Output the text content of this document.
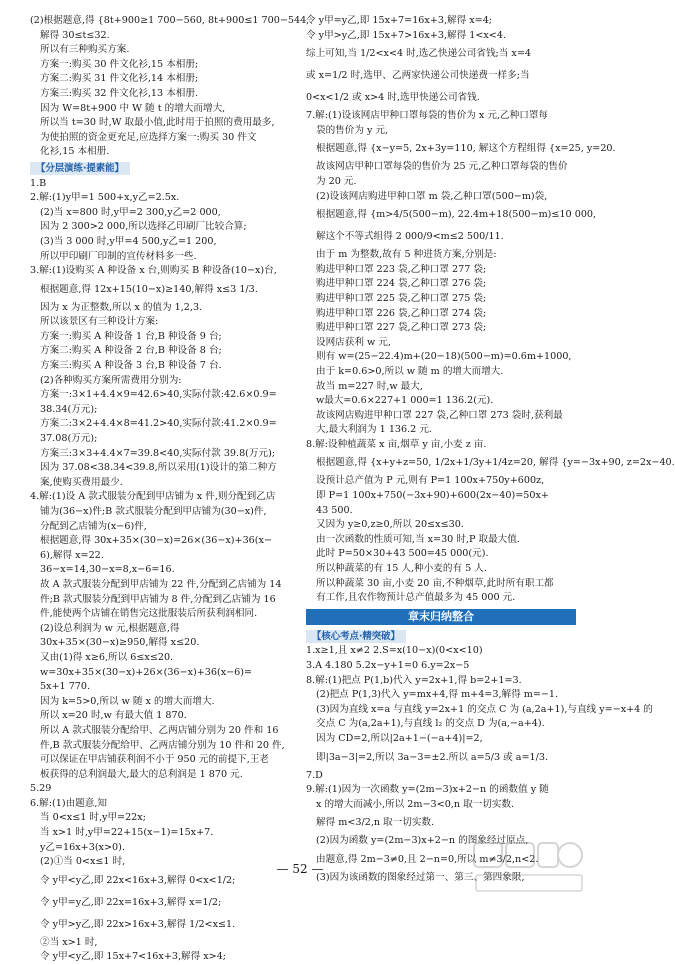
(2)根据题意,得 {8t+900≥1 700−560, 8t+900≤1 700−544,
解得 30≤t≤32.
所以有三种购买方案.
方案一:购买 30 件文化衫,15 本相册;
方案二:购买 31 件文化衫,14 本相册;
方案三:购买 32 件文化衫,13 本相册.
因为 W=8t+900 中 W 随 t 的增大而增大,
所以当 t=30 时,W 取最小值,此时用于拍照的费用最多,
为使拍照的资金更充足,应选择方案一:购买 30 件文
化衫,15 本相册.
【分层演练·提素能】
1.B
2.解:(1)y甲=1 500+x,y乙=2.5x.
(2)当 x=800 时,y甲=2 300,y乙=2 000,
因为 2 300>2 000,所以选择乙印刷厂比较合算;
(3)当 3 000 时,y甲=4 500,y乙=1 200,
所以甲印刷厂印制的宣传材料多一些.
3.解:(1)设购买 A 种设备 x 台,则购买 B 种设备(10−x)台,
根据题意,得 12x+15(10−x)≥140,解得 x≤3 1/3.
因为 x 为正整数,所以 x 的值为 1,2,3.
所以该景区有三种设计方案:
方案一:购买 A 种设备 1 台,B 种设备 9 台;
方案二:购买 A 种设备 2 台,B 种设备 8 台;
方案三:购买 A 种设备 3 台,B 种设备 7 台.
(2)各种购买方案所需费用分别为:
方案一:3×1+4.4×9=42.6>40,实际付款:42.6×0.9=
38.34(万元);
方案二:3×2+4.4×8=41.2>40,实际付款:41.2×0.9=
37.08(万元);
方案三:3×3+4.4×7=39.8<40,实际付款 39.8(万元);
因为 37.08<38.34<39.8,所以采用(1)设计的第二种方
案,使购买费用最少.
4.解:(1)设 A 款式服装分配到甲店铺为 x 件,则分配到乙店
铺为(36−x)件;B 款式服装分配到甲店铺为(30−x)件,
分配到乙店铺为(x−6)件,
根据题意,得 30x+35×(30−x)=26×(36−x)+36(x−
6),解得 x=22.
36−x=14,30−x=8,x−6=16.
故 A 款式服装分配到甲店铺为 22 件,分配到乙店铺为 14
件;B 款式服装分配到甲店铺为 8 件,分配到乙店铺为 16
件,能使两个店铺在销售完这批服装后所获利润相同.
(2)设总利润为 w 元,根据题意,得
30x+35×(30−x)≥950,解得 x≤20.
又由(1)得 x≥6,所以 6≤x≤20.
w=30x+35×(30−x)+26×(36−x)+36(x−6)=
5x+1 770.
因为 k=5>0,所以 w 随 x 的增大而增大.
所以 x=20 时,w 有最大值 1 870.
所以 A 款式服装分配给甲、乙两店铺分别为 20 件和 16
件,B 款式服装分配给甲、乙两店铺分别为 10 件和 20 件,
可以保证在甲店铺获利润不小于 950 元的前提下,王老
板获得的总利润最大,最大的总利润是 1 870 元.
5.29
6.解:(1)由题意,知
当 0<x≤1 时,y甲=22x;
当 x>1 时,y甲=22+15(x−1)=15x+7.
y乙=16x+3(x>0).
(2)①当 0<x≤1 时,
令 y甲<y乙,即 22x<16x+3,解得 0<x<1/2;
令 y甲=y乙,即 22x=16x+3,解得 x=1/2;
令 y甲>y乙,即 22x>16x+3,解得 1/2<x≤1.
②当 x>1 时,
令 y甲<y乙,即 15x+7<16x+3,解得 x>4;
令 y甲=y乙,即 15x+7=16x+3,解得 x=4;
令 y甲>y乙,即 15x+7>16x+3,解得 1<x<4.
综上可知,当 1/2<x<4 时,选乙快递公司省钱;当 x=4
或 x=1/2 时,选甲、乙两家快递公司快递费一样多;当
0<x<1/2 或 x>4 时,选甲快递公司省钱.
7.解:(1)设该网店甲种口罩每袋的售价为 x 元,乙种口罩每
袋的售价为 y 元,
根据题意,得 {x−y=5, 2x+3y=110, 解这个方程组得 {x=25, y=20.
故该网店甲种口罩每袋的售价为 25 元,乙种口罩每袋的售价
为 20 元.
(2)设该网店购进甲种口罩 m 袋,乙种口罩(500−m)袋,
根据题意,得 {m>4/5(500−m), 22.4m+18(500−m)≤10 000,
解这个不等式组得 2 000/9<m≤2 500/11.
由于 m 为整数,故有 5 种进货方案,分别是:
购进甲种口罩 223 袋,乙种口罩 277 袋;
购进甲种口罩 224 袋,乙种口罩 276 袋;
购进甲种口罩 225 袋,乙种口罩 275 袋;
购进甲种口罩 226 袋,乙种口罩 274 袋;
购进甲种口罩 227 袋,乙种口罩 273 袋;
设网店获利 w 元,
则有 w=(25−22.4)m+(20−18)(500−m)=0.6m+1000,
由于 k=0.6>0,所以 w 随 m 的增大而增大.
故当 m=227 时,w 最大,
w最大=0.6×227+1 000=1 136.2(元).
故该网店购进甲种口罩 227 袋,乙种口罩 273 袋时,获利最
大,最大利润为 1 136.2 元.
8.解:设种植蔬菜 x 亩,烟草 y 亩,小麦 z 亩.
根据题意,得 {x+y+z=50, 1/2x+1/3y+1/4z=20, 解得 {y=−3x+90, z=2x−40.
设预计总产值为 P 元,则有 P=1 100x+750y+600z,
即 P=1 100x+750(−3x+90)+600(2x−40)=50x+
43 500.
又因为 y≥0,z≥0,所以 20≤x≤30.
由一次函数的性质可知,当 x=30 时,P 取最大值.
此时 P=50×30+43 500=45 000(元).
所以种蔬菜的有 15 人,种小麦的有 5 人.
所以种蔬菜 30 亩,小麦 20 亩,不种烟草,此时所有职工都
有工作,且农作物预计总产值最多为 45 000 元.
章末归纳整合
【核心考点·精突破】
1.x≥1,且 x≠2 2.S=x(10−x)(0<x<10)
3.A 4.180 5.2x−y+1=0 6.y=2x−5
8.解:(1)把点 P(1,b)代入 y=2x+1,得 b=2+1=3.
(2)把点 P(1,3)代入 y=mx+4,得 m+4=3,解得 m=−1.
(3)因为直线 x=a 与直线 y=2x+1 的交点 C 为 (a,2a+1),与直线 y=−x+4 的
交点 C 为(a,2a+1),与直线 l₂ 的交点 D 为(a,−a+4).
因为 CD=2,所以|2a+1−(−a+4)|=2,
即|3a−3|=2,所以 3a−3=±2.所以 a=5/3 或 a=1/3.
7.D
9.解:(1)因为一次函数 y=(2m−3)x+2−n 的函数值 y 随
x 的增大而减小,所以 2m−3<0,n 取一切实数.
解得 m<3/2,n 取一切实数.
(2)因为函数 y=(2m−3)x+2−n 的图象经过原点,
由题意,得 2m−3≠0,且 2−n=0,所以 m≠3/2,n<2.
(3)因为该函数的图象经过第一、第三、第四象限,
— 52 —
